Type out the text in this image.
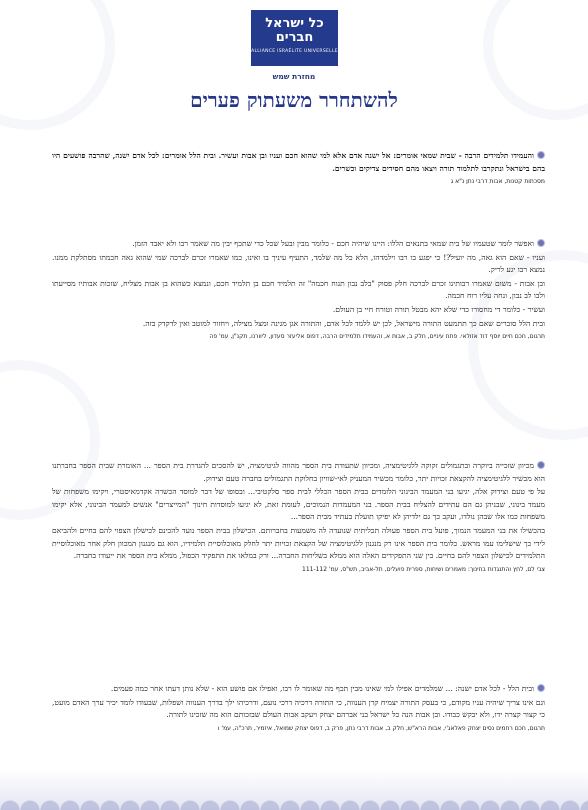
כל ישראל חברים
ALLIANCE ISRAÉLITE UNIVERSELLE
מחזרת שמש
להשתחרר משעתוק פערים
והעמידו תלמידים הרבה - שבית שמאי אומרים: אל ישנה אדם אלא למי שהוא חכם ועניו ובן אבות ועשיר. ובית הלל אומרים: לכל אדם ישנה, שהרבה פושעים היו בהם בישראל ונתקרבו לתלמוד תורה ויצאו מהם חסידים צדיקים וכשרים.
מסכתות קטנות, אבות דרבי נתן נ"א ג
ואפשר לומר שטעמיו של בית שמאי בתנאים הללו: היינו שיהיה חכם - כלומר מבין ובעל שכל כדי שתכף יבין מה שאמר רבו ולא יאבד הזמן.
ועניו - שאם הוא גאה, מה יועיל?! כי יפגע בו רבו וילמדהו, הלא כל מה שלמד, התעיף עיניך בו ואינו, כמו שאמרו זכרם לברכה שמי שהוא גאה חכמתו מסתלקת ממנו. נמצא רבו יגע לריק.
ובן אבות - משום שאמרו רבותינו זכרם לברכה חלק פסוק "בלב נבון תנוח חכמה" זה תלמיד חכם בן תלמיד חכם, ונמצא כשהוא בן אבות מצליח, שזכות אבותיו מסייעתו ולבו לב נבון, ונחה עליו רוח חכמה.
ועשיר - כלומר די מחסורו כדי שלא יהא מבטל תורה וטורח חיי בן העולם.
ובית הלל סוברים שאם כך תתמעט התורה מישראל, לכן יש ללמד לכל אדם, והתורה אגן מגינה ומצל מצילה, ויחזור למוטב ואין לדקדק בזה.
תרגום, חכם חיים יוסף דוד אזולאי. פתח עיניים, חלק ב, אבות א, והעמידו תלמידים הרבה, דפוס אליעזר סעדון, ליוורנו, תקנ"ן, עמ' פה
מכיוון שזכייה ביוקרה ובתגמולים זקוקה ללגיטימציה, ומכיוון שתעודת בית הספר מהווה לגיטימציה, יש להסכים להגדרת בית הספר ... האומרת שבית הספר בחברתנו הוא מכשיר ללגיטימציה להקצאת זכויות יתר, כלומר מכשיר המעניק לאי-שוויון בחלוקת התגמולים בחברה טעם וצידוק.
על פי טעם וצידוק אלה, יגיעו בני המעמד הבינוני הלומדים בבית הספר הכללי לבית ספר סלקטיבי... ובסופו של דבר למוסד הכשרה אקדמאיסטרי, ויקימו משפחות של מעמד בינוני, שבניהן גם הם עתידים להצליח בבית הספר. בני המעמדות הנמוכים, לעומת זאת, לא יגיעו למוסדות חינוך "המייצרים" אנשים למעמד הבינוני, אלא יקימו משפחות כמו אלו שבהן נולדו, ועקב כך גם ילדיהן לא יפיקו תועלת בעתיד מבית הספר...
בהכשילו את בני המעמד הנמוך, פועל בית הספר פעולה תכליתית שנועדה לה משמעות בחברותם. הכישלון בבית הספר נועד להכינם לכישלון הצפוי להם בחיים ולהביאם לידי כך שישלימו עמו מראש. כלומר בית הספר אינו רק מנגנון ללגיטימציה של הקצאת זכויות יתר לחלק מאוכלוסיית תלמידיו, הוא גם מנגנון המכוון חלק אחר מאוכלוסיית התלמידים לכישלון הצפוי להם בחיים. בין שני התפקידים האלה הוא ממלא בשליחות החברה... ורק במלאו את התפקיד הכפול, ממלא בית הספר את ייעודו בחברה.
צבי לם, לחץ והתנגדות בחינוך: מאמרים ושיחות, ספרית פועלים, תל-אביב, תש"ס, עמ' 111-112
ובית הלל - לכל אדם ישנה: ... שמלמדים אפילו למי שאינו מבין תכף מה שאומר לו רבו, ואפילו אם פושע הוא - שלא נותן דעתו אחר כמה פעמים.
וגם אינו צריך שיהיה עניו מקודם, כי בעסק התורה יצמיח קרן הענווה, כי התורה דרכיה דרכי נועם, ודרכיהו ילך בדרך הענווה ושפלות, שבעודו לומד יכיר ערך האדם מועט, כי קצור קצרה ידו, ולא יבקש כבודו. ובן אבות הנה כל ישראל בני אברהם יצחק ויעקב אבות העולם שבזכותם הוא מה שזכינו לתורה.
תרגום, חכם רחמים נסים יצחק פאלאג'י, אבות הרא"ש, חלק ב, אבות דרבי נתן, פרק ב, דפוס יצחק שמואל, איזמיר, תרכ"ה, עמ' ו
